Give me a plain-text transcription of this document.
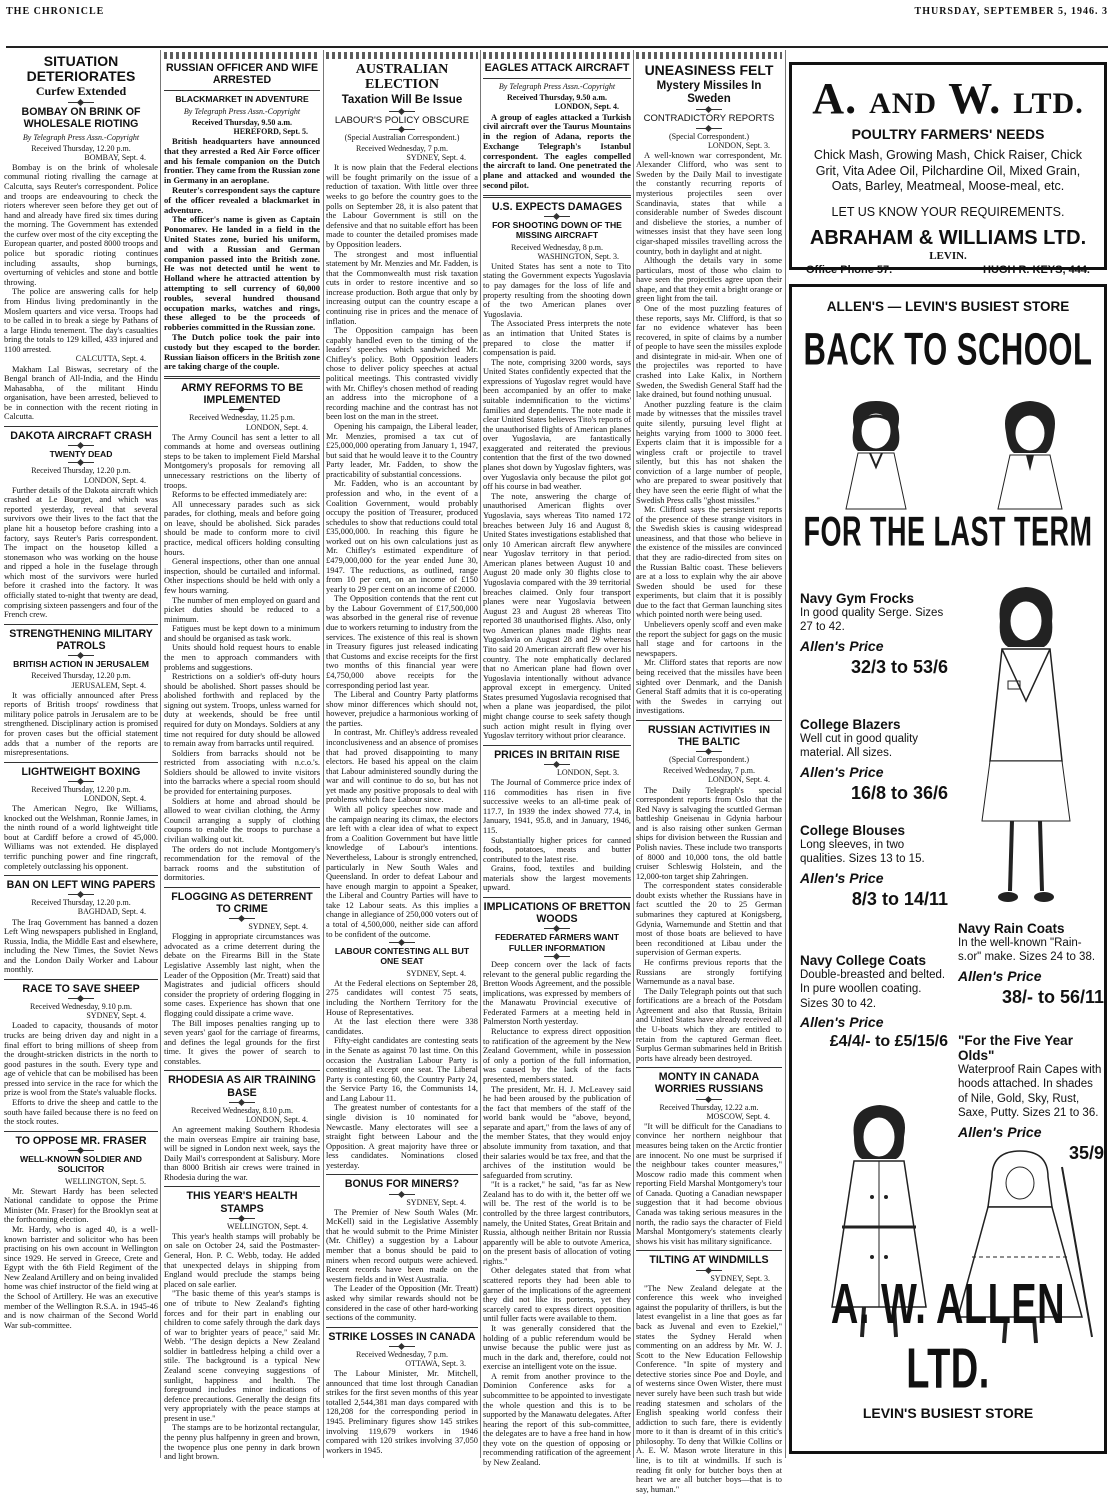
THE CHRONICLE	THURSDAY, SEPTEMBER 5, 1946. 3
SITUATION DETERIORATES
Curfew Extended
BOMBAY ON BRINK OF WHOLESALE RIOTING
By Telegraph Press Assn.-Copyright
Received Thursday, 12.20 p.m.
BOMBAY, Sept. 4.

Bombay is on the brink of wholesale communal rioting rivalling the carnage at Calcutta, says Reuter's correspondent. Police and troops are endeavouring to check the rioters wherever seen before they get out of hand and already have fired six times during the morning. The Government has extended the curfew over most of the city excepting the European quarter, and posted 8000 troops and police but sporadic rioting continues including assaults, shop burnings, overturning of vehicles and stone and bottle throwing.

The police are answering calls for help from Hindus living predominantly in the Moslem quarters and vice versa. Troops had to be called in to break a siege by Pathans of a large Hindu tenement. The day's casualties bring the totals to 129 killed, 433 injured and 1100 arrested.

CALCUTTA, Sept. 4.

Makham Lal Biswas, secretary of the Bengal branch of All-India, and the Hindu Mahasabha, of the militant Hindu organisation, have been arrested, believed to be in connection with the recent rioting in Calcutta.

DAKOTA AIRCRAFT CRASH
TWENTY DEAD
Received Thursday, 12.20 p.m.
LONDON, Sept. 4.

Further details of the Dakota aircraft which crashed at Le Bourget, and which was reported yesterday, reveal that several survivors owe their lives to the fact that the plane hit a housetop before crashing into a factory, says Reuter's Paris correspondent. The impact on the housetop killed a stonemason who was working on the house and ripped a hole in the fuselage through which most of the survivors were hurled before it crashed into the factory. It was officially stated to-night that twenty are dead, comprising sixteen passengers and four of the French crew.

STRENGTHENING MILITARY PATROLS
BRITISH ACTION IN JERUSALEM
Received Thursday, 12.20 p.m.
JERUSALEM, Sept. 4.

It was officially announced after Press reports of British troops' rowdiness that military police patrols in Jerusalem are to be strengthened. Disciplinary action is promised for proven cases but the official statement adds that a number of the reports are misrepresentations.

LIGHTWEIGHT BOXING
Received Thursday, 12.20 p.m.
LONDON, Sept. 4.

The American Negro, Ike Williams, knocked out the Welshman, Ronnie James, in the ninth round of a world lightweight title bout at Cardiff before a crowd of 45,000. Williams was not extended. He displayed terrific punching power and fine ringcraft, completely outclassing his opponent.

BAN ON LEFT WING PAPERS
Received Thursday, 12.20 p.m.
BAGHDAD, Sept. 4.

The Iraq Government has banned a dozen Left Wing newspapers published in England, Russia, India, the Middle East and elsewhere, including the New Times, the Soviet News and the London Daily Worker and Labour monthly.

RACE TO SAVE SHEEP
Received Wednesday, 9.10 p.m.
SYDNEY, Sept. 4.

Loaded to capacity, thousands of motor trucks are being driven day and night in a final effort to bring millions of sheep from the drought-stricken districts in the north to good pastures in the south. Every type and age of vehicle that can be mobilised has been pressed into service in the race for which the prize is wool from the State's valuable flocks.

Efforts to drive the sheep and cattle to the south have failed because there is no feed on the stock routes.

TO OPPOSE MR. FRASER
WELL-KNOWN SOLDIER AND SOLICITOR
WELLINGTON, Sept. 5.

Mr. Stewart Hardy has been selected National candidate to oppose the Prime Minister (Mr. Fraser) for the Brooklyn seat at the forthcoming election.

Mr. Hardy, who is aged 40, is a well-known barrister and solicitor who has been practising on his own account in Wellington since 1929. He served in Greece, Crete and Egypt with the 6th Field Regiment of the New Zealand Artillery and on being invalided home was chief instructor of the field wing at the School of Artillery. He was an executive member of the Wellington R.S.A. in 1945-46 and is now chairman of the Second World War sub-committee.

RUSSIAN OFFICER AND WIFE ARRESTED
BLACKMARKET IN ADVENTURE
By Telegraph Press Assn.-Copyright
Received Thursday, 9.50 a.m.
HEREFORD, Sept. 5.

British headquarters have announced that they arrested a Red Air Force officer and his female companion on the Dutch frontier. They came from the Russian zone in Germany in an aeroplane.

Reuter's correspondent says the capture of the officer revealed a blackmarket in adventure.

The officer's name is given as Captain Ponomarev. He landed in a field in the United States zone, buried his uniform, and with a Russian and German companion passed into the British zone. He was not detected until he went to Holland where he attracted attention by attempting to sell currency of 60,000 roubles, several hundred thousand occupation marks, watches and rings, these alleged to be the proceeds of robberies committed in the Russian zone.

The Dutch police took the pair into custody but they escaped to the border. Russian liaison officers in the British zone are taking charge of the couple.

ARMY REFORMS TO BE IMPLEMENTED
Received Wednesday, 11.25 p.m.
LONDON, Sept. 4.

The Army Council has sent a letter to all commands at home and overseas outlining steps to be taken to implement Field Marshal Montgomery's proposals for removing all unnecessary restrictions on the liberty of troops.

Reforms to be effected immediately are:

All unnecessary parades such as sick parades, for clothing, meals and before going on leave, should be abolished. Sick parades should be made to conform more to civil practice, medical officers holding consulting hours.

General inspections, other than one annual inspection, should be curtailed and informal. Other inspections should be held with only a few hours warning.

The number of men employed on guard and picket duties should be reduced to a minimum.

Fatigues must be kept down to a minimum and should be organised as task work.

Units should hold request hours to enable the men to approach commanders with problems and suggestions.

Restrictions on a soldier's off-duty hours should be abolished. Short passes should be abolished forthwith and replaced by the signing out system. Troops, unless warned for duty at weekends, should be free until required for duty on Mondays. Soldiers at any time not required for duty should be allowed to remain away from barracks until required.

Soldiers from barracks should not be restricted from associating with n.c.o.'s. Soldiers should be allowed to invite visitors into the barracks where a special room should be provided for entertaining purposes.

Soldiers at home and abroad should be allowed to wear civilian clothing, the Army Council arranging a supply of clothing coupons to enable the troops to purchase a civilian walking out kit.

The orders do not include Montgomery's recommendation for the removal of the barrack rooms and the substitution of dormitories.

FLOGGING AS DETERRENT TO CRIME
SYDNEY, Sept. 4.

Flogging in appropriate circumstances was advocated as a crime deterrent during the debate on the Firearms Bill in the State Legislative Assembly last night, when the Leader of the Opposition (Mr. Treatt) said that Magistrates and judicial officers should consider the propriety of ordering flogging in some cases. Experience has shown that one flogging could dissipate a crime wave.

The Bill imposes penalties ranging up to seven years' gaol for the carriage of firearms, and defines the legal grounds for the first time. It gives the power of search to constables.

RHODESIA AS AIR TRAINING BASE
Received Wednesday, 8.10 p.m.
LONDON, Sept. 4.

An agreement making Southern Rhodesia the main overseas Empire air training base, will be signed in London next week, says the Daily Mail's correspondent at Salisbury. More than 8000 British air crews were trained in Rhodesia during the war.

THIS YEAR'S HEALTH STAMPS
WELLINGTON, Sept. 4.

This year's health stamps will probably be on sale on October 24, said the Postmaster-General, Hon. P. C. Webb, today. He added that unexpected delays in shipping from England would preclude the stamps being placed on sale earlier.

"The basic theme of this year's stamps is one of tribute to New Zealand's fighting forces and for their part in enabling our children to come safely through the dark days of war to brighter years of peace," said Mr. Webb. "The design depicts a New Zealand soldier in battledress helping a child over a stile. The background is a typical New Zealand scene conveying suggestions of sunlight, happiness and health. The foreground includes minor indications of defence precautions. Generally the design fits very appropriately with the peace stamps at present in use."

The stamps are to be horizontal rectangular, the penny plus halfpenny in green and brown, the twopence plus one penny in dark brown and light brown.

AUSTRALIAN ELECTION
Taxation Will Be Issue
LABOUR'S POLICY OBSCURE
(Special Australian Correspondent.)
Received Wednesday, 7 p.m.
SYDNEY, Sept. 4.

It is now plain that the Federal elections will be fought primarily on the issue of a reduction of taxation. With little over three weeks to go before the country goes to the polls on September 28, it is also patent that the Labour Government is still on the defensive and that no suitable effort has been made to counter the detailed promises made by Opposition leaders.

The strongest and most influential statement by Mr. Menzies and Mr. Fadden, is that the Commonwealth must risk taxation cuts in order to restore incentive and so increase production. Both argue that only by increasing output can the country escape a continuing rise in prices and the menace of inflation.

The Opposition campaign has been capably handled even to the timing of the leaders' speeches which sandwiched Mr. Chifley's policy. Both Opposition leaders chose to deliver policy speeches at actual political meetings. This contrasted vividly with Mr. Chifley's chosen method of reading an address into the microphone of a recording machine and the contrast has not been lost on the man in the street.

Opening his campaign, the Liberal leader, Mr. Menzies, promised a tax cut of £25,000,000 operating from January 1, 1947, but said that he would leave it to the Country Party leader, Mr. Fadden, to show the practicability of substantial concessions.

Mr. Fadden, who is an accountant by profession and who, in the event of a Coalition Government, would probably occupy the position of Treasurer, produced schedules to show that reductions could total £35,000,000. In reaching this figure he worked out on his own calculations just as Mr. Chifley's estimated expenditure of £479,000,000 for the year ended June 30, 1947. The reductions, as outlined, range from 10 per cent, on an income of £150 yearly to 29 per cent on an income of £2000.

The Opposition contends that the rent cut by the Labour Government of £17,500,000 was absorbed in the general rise of revenue due to workers returning to industry from the services. The existence of this real is shown in Treasury figures just released indicating that Customs and excise receipts for the first two months of this financial year were £4,750,000 above receipts for the corresponding period last year.

The Liberal and Country Party platforms show minor differences which should not, however, prejudice a harmonious working of the parties.

In contrast, Mr. Chifley's address revealed inconclusiveness and an absence of promises that had proved disappointing to many electors. He based his appeal on the claim that Labour administered soundly during the war and will continue to do so, but has not yet made any positive proposals to deal with problems which face Labour since.

With all policy speeches now made and the campaign nearing its climax, the electors are left with a clear idea of what to expect from a Coalition Government but have little knowledge of Labour's intentions. Nevertheless, Labour is strongly entrenched, particularly in New South Wales and Queensland. In order to defeat Labour and have enough margin to appoint a Speaker, the Liberal and Country Parties will have to take 12 Labour seats. As this implies a change in allegiance of 250,000 voters out of a total of 4,500,000, neither side can afford to be confident of the outcome.

LABOUR CONTESTING ALL BUT ONE SEAT
SYDNEY, Sept. 4.

At the Federal elections on September 28, 275 candidates will contest 75 seats, including the Northern Territory for the House of Representatives.

At the last election there were 338 candidates.

Fifty-eight candidates are contesting seats in the Senate as against 70 last time. On this occasion the Australian Labour Party is contesting all except one seat. The Liberal Party is contesting 60, the Country Party 24, the Service Party 16, the Communists 14, and Lang Labour 11.

The greatest number of contestants for a single division is 10 nominated for Newcastle. Many electorates will see a straight fight between Labour and the Opposition. A great majority have three or less candidates. Nominations closed yesterday.

BONUS FOR MINERS?
SYDNEY, Sept. 4.

The Premier of New South Wales (Mr. McKell) said in the Legislative Assembly that he would submit to the Prime Minister (Mr. Chifley) a suggestion by a Labour member that a bonus should be paid to miners when record outputs were achieved. Recent records have been made on the western fields and in West Australia.

The Leader of the Opposition (Mr. Treatt) asked why similar rewards should not be considered in the case of other hard-working sections of the community.

STRIKE LOSSES IN CANADA
Received Wednesday, 7 p.m.
OTTAWA, Sept. 3.

The Labour Minister, Mr. Mitchell, announced that time lost through Canadian strikes for the first seven months of this year totalled 2,544,381 man days compared with 128,208 for the corresponding period in 1945. Preliminary figures show 145 strikes involving 119,679 workers in 1946 compared with 120 strikes involving 37,050 workers in 1945.

EAGLES ATTACK AIRCRAFT
By Telegraph Press Assn.-Copyright
Received Thursday, 9.50 a.m.
LONDON, Sept. 4.

A group of eagles attacked a Turkish civil aircraft over the Taurus Mountains in the region of Adana, reports the Exchange Telegraph's Istanbul correspondent. The eagles compelled the aircraft to land. One penetrated the plane and attacked and wounded the second pilot.

U.S. EXPECTS DAMAGES
FOR SHOOTING DOWN OF THE MISSING AIRCRAFT
Received Wednesday, 8 p.m.
WASHINGTON, Sept. 3.

United States has sent a note to Tito stating the Government expects Yugoslavia to pay damages for the loss of life and property resulting from the shooting down of the two American planes over Yugoslavia.

The Associated Press interprets the note as an intimation that United States is prepared to close the matter if compensation is paid.

The note, comprising 3200 words, says United States confidently expected that the expressions of Yugoslav regret would have been accompanied by an offer to make suitable indemnification to the victims' families and dependents. The note made it clear United States believes Tito's reports of the unauthorised flights of American planes over Yugoslavia, are fantastically exaggerated and reiterated the previous contention that the first of the two downed planes shot down by Yugoslav fighters, was over Yugoslavia only because the pilot got off his course in bad weather.

The note, answering the charge of unauthorised American flights over Yugoslavia, says whereas Tito named 172 breaches between July 16 and August 8, United States investigations established that only 10 American aircraft flew anywhere near Yugoslav territory in that period. American planes between August 10 and August 20 made only 30 flights close to Yugoslavia compared with the 39 territorial breaches claimed. Only four transport planes were near Yugoslavia between August 23 and August 28 whereas Tito reported 38 unauthorised flights. Also, only two American planes made flights near Yugoslavia on August 28 and 29 whereas Tito said 20 American aircraft flew over his country. The note emphatically declared that no American plane had flown over Yugoslavia intentionally without advance approval except in emergency. United States presumed Yugoslavia recognised that when a plane was jeopardised, the pilot might change course to seek safety though such action might result in flying over Yugoslav territory without prior clearance.

PRICES IN BRITAIN RISE
LONDON, Sept. 3.

The Journal of Commerce price index of 116 commodities has risen in five successive weeks to an all-time peak of 117.7, In 1939 the index showed 77.4, in January, 1941, 95.8, and in January, 1946, 115.

Substantially higher prices for canned foods, potatoes, meats and butter contributed to the latest rise.

Grains, food, textiles and building materials show the largest movements upward.

IMPLICATIONS OF BRETTON WOODS
FEDERATED FARMERS WANT FULLER INFORMATION

Deep concern over the lack of facts relevant to the general public regarding the Bretton Woods Agreement, and the possible implications, was expressed by members of the Manawatu Provincial executive of Federated Farmers at a meeting held in Palmerston North yesterday.

Reluctance to express direct opposition to ratification of the agreement by the New Zealand Government, while in possession of only a portion of the full information, was caused by the lack of the facts presented, members stated.

The president, Mr. H. J. McLeavey said he had been aroused by the publication of the fact that members of the staff of the world bank would be "above, beyond, separate and apart," from the laws of any of the member States, that they would enjoy absolute immunity from taxation, and that their salaries would be tax free, and that the archives of the institution would be safeguarded from scrutiny.

"It is a racket," he said, "as far as New Zealand has to do with it, the better off we will be. The rest of the world is to be controlled by the three largest contributors, namely, the United States, Great Britain and Russia, although neither Britain nor Russia apparently will be able to outvote America, on the present basis of allocation of voting rights."

Other delegates stated that from what scattered reports they had been able to garner of the implications of the agreement they did not like its portents, yet they scarcely cared to express direct opposition until fuller facts were available to them.

It was generally considered that the holding of a public referendum would be unwise because the public were just as much in the dark and, therefore, could not exercise an intelligent vote on the issue.

A remit from another province to the Dominion Conference asks for a subcommittee to be appointed to investigate the whole question and this is to be supported by the Manawatu delegates. After hearing the report of this sub-committee, the delegates are to have a free hand in how they vote on the question of opposing or recommending ratification of the agreement by New Zealand.

UNEASINESS FELT
Mystery Missiles In Sweden
CONTRADICTORY REPORTS
(Special Correspondent.)
LONDON, Sept. 3.

A well-known war correspondent, Mr. Alexander Clifford, who was sent to Sweden by the Daily Mail to investigate the constantly recurring reports of mysterious projectiles seen over Scandinavia, states that while a considerable number of Swedes discount and disbelieve the stories, a number of witnesses insist that they have seen long cigar-shaped missiles travelling across the country, both in daylight and at night.

Although the details vary in some particulars, most of those who claim to have seen the projectiles agree upon their shape, and that they emit a bright orange or green light from the tail.

One of the most puzzling features of these reports, says Mr. Clifford, is that so far no evidence whatever has been recovered, in spite of claims by a number of people to have seen the missiles explode and disintegrate in mid-air. When one of the projectiles was reported to have crashed into Lake Kalix, in Northern Sweden, the Swedish General Staff had the lake drained, but found nothing unusual.

Another puzzling feature is the claim made by witnesses that the missiles travel quite silently, pursuing level flight at heights varying from 1000 to 3000 feet. Experts claim that it is impossible for a wingless craft or projectile to travel silently, but this has not shaken the conviction of a large number of people, who are prepared to swear positively that they have seen the eerie flight of what the Swedish Press calls "ghost missiles."

Mr. Clifford says the persistent reports of the presence of these strange visitors in the Swedish skies is causing widespread uneasiness, and that those who believe in the existence of the missiles are convinced that they are radio-directed from sites on the Russian Baltic coast. These believers are at a loss to explain why the air above Sweden should be used for these experiments, but claim that it is possibly due to the fact that German launching sites which pointed north were being used.

Unbelievers openly scoff and even make the report the subject for gags on the music hall stage and for cartoons in the newspapers.

Mr. Clifford states that reports are now being received that the missiles have been sighted over Denmark, and the Danish General Staff admits that it is co-operating with the Swedes in carrying out investigations.

RUSSIAN ACTIVITIES IN THE BALTIC
(Special Correspondent.)
Received Wednesday, 7 p.m.
LONDON, Sept. 4.

The Daily Telegraph's special correspondent reports from Oslo that the Red Navy is salvaging the scuttled German battleship Gneisenau in Gdynia harbour and is also raising other sunken German ships for division between the Russian and Polish navies. These include two transports of 8000 and 10,000 tons, the old battle cruiser Schleswig Holstein, and the 12,000-ton target ship Zahringen.

The correspondent states considerable doubt exists whether the Russians have in fact scuttled the 20 to 25 German submarines they captured at Konigsberg, Gdynia, Warnemunde and Stettin and that most of those boats are believed to have been reconditioned at Libau under the supervision of German experts.

He confirms previous reports that the Russians are strongly fortifying Warnemunde as a naval base.

The Daily Telegraph points out that such fortifications are a breach of the Potsdam Agreement and also that Russia, Britain and United States have already received all the U-boats which they are entitled to retain from the captured German fleet. Surplus German submarines held in British ports have already been destroyed.

MONTY IN CANADA WORRIES RUSSIANS
Received Thursday, 12.22 a.m.
MOSCOW, Sept. 4.

"It will be difficult for the Canadians to convince her northern neighbour that measures being taken on the Arctic frontier are innocent. No one must be surprised if the neighbour takes counter measures," Moscow radio made this comment when reporting Field Marshal Montgomery's tour of Canada. Quoting a Canadian newspaper suggestion that it had become obvious Canada was taking serious measures in the north, the radio says the character of Field Marshal Montgomery's statements clearly shows his visit has military significance.

TILTING AT WINDMILLS
SYDNEY, Sept. 3.

"The New Zealand delegate at the conference this week who inveighed against the popularity of thrillers, is but the latest evangelist in a line that goes as far back as Juvenal and even to Ezekiel," states the Sydney Herald when commenting on an address by Mr. W. J. Scott to the New Education Fellowship Conference. "In spite of mystery and detective stories since Poe and Doyle, and of westerns since Owen Wister, there must never surely have been such trash but wide reading statesmen and scholars of the English speaking world confess their addiction to such fare, there is evidently more to it than is dreamt of in this critic's philosophy. To deny that Wilkie Collins or A. E. W. Mason wrote literature in this line, is to tilt at windmills. If such is reading fit only for butcher boys then at heart we are all butcher boys—that is to say, human."

A. AND W. LTD.
POULTRY FARMERS' NEEDS
Chick Mash, Growing Mash, Chick Raiser, Chick Grit, Vita Adee Oil, Pilchardine Oil, Mixed Grain, Oats, Barley, Meatmeal, Moose-meal, etc.
LET US KNOW YOUR REQUIREMENTS.
ABRAHAM & WILLIAMS LTD.
LEVIN.
Office Phone 57.	HUGH R. KEYS, 444.
ALLEN'S — LEVIN'S BUSIEST STORE
BACK TO SCHOOL
FOR THE LAST TERM
Navy Gym Frocks
In good quality Serge. Sizes 27 to 42.
Allen's Price
32/3 to 53/6
College Blazers
Well cut in good quality material. All sizes.
Allen's Price
16/8 to 36/6
College Blouses
Long sleeves, in two qualities. Sizes 13 to 15.
Allen's Price
8/3 to 14/11
Navy College Coats
Double-breasted and belted. In pure woollen coating. Sizes 30 to 42.
Allen's Price
£4/4/- to £5/15/6
Navy Rain Coats
In the well-known "Rain-s.or" make. Sizes 24 to 38.
Allen's Price
38/- to 56/11
"For the Five Year Olds"
Waterproof Rain Capes with hoods attached. In shades of Nile, Gold, Sky, Rust, Saxe, Putty. Sizes 21 to 36.
Allen's Price
35/9
A. W. ALLEN LTD.
LEVIN'S BUSIEST STORE
